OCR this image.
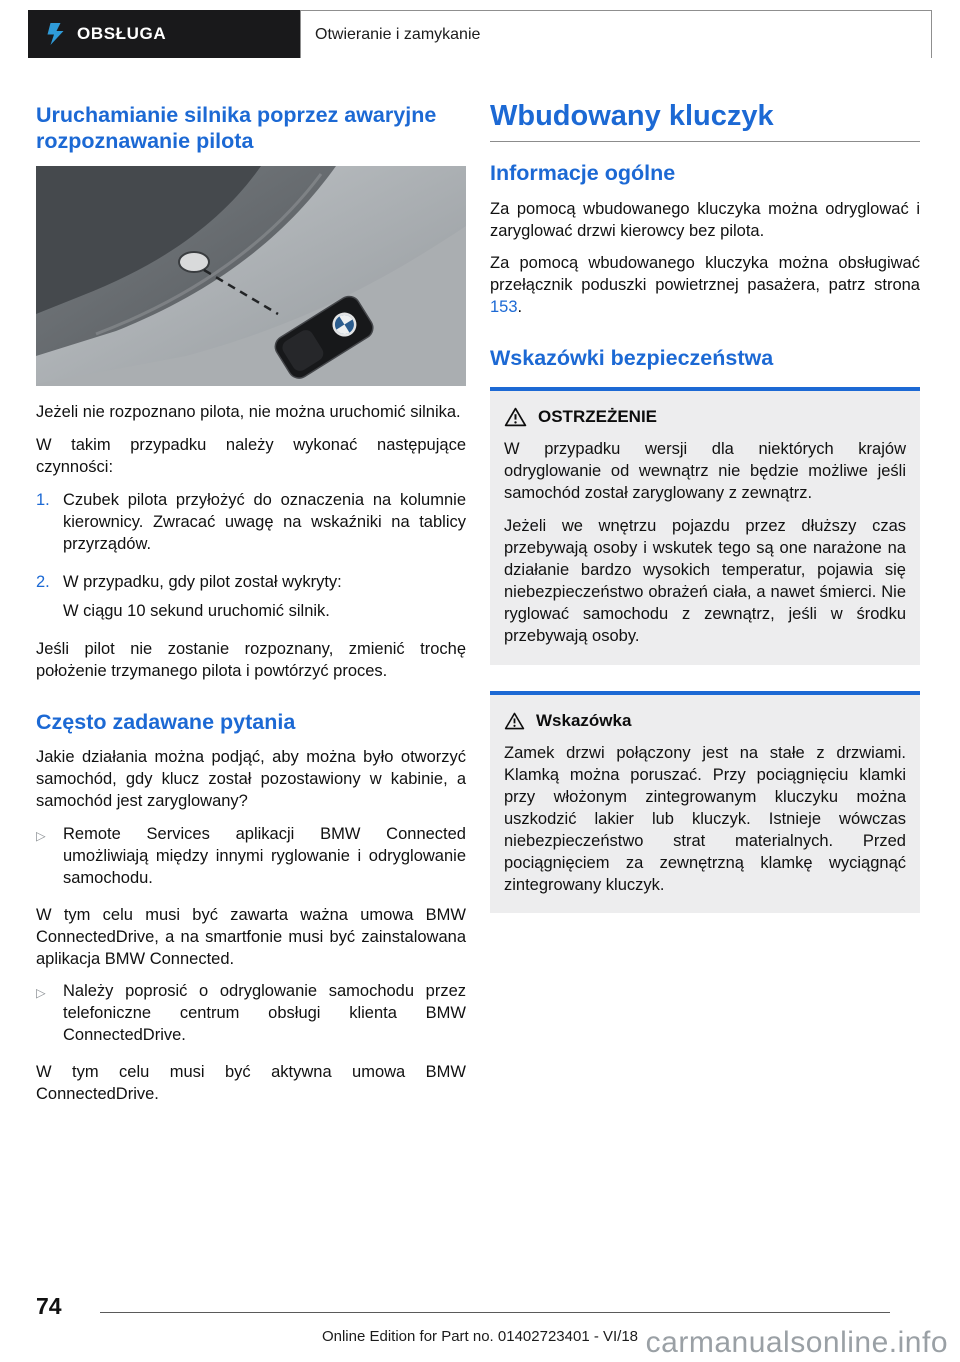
OBSŁUGA	Otwieranie i zamykanie
Uruchamianie silnika poprzez awaryjne rozpoznawanie pilota

Jeżeli nie rozpoznano pilota, nie można uruchomić silnika.

W takim przypadku należy wykonać następujące czynności:

1. Czubek pilota przyłożyć do oznaczenia na kolumnie kierownicy. Zwracać uwagę na wskaźniki na tablicy przyrządów.

2. W przypadku, gdy pilot został wykryty:

W ciągu 10 sekund uruchomić silnik.

Jeśli pilot nie zostanie rozpoznany, zmienić trochę położenie trzymanego pilota i powtórzyć proces.

Często zadawane pytania

Jakie działania można podjąć, aby można było otworzyć samochód, gdy klucz został pozostawiony w kabinie, a samochód jest zaryglowany?

▷	Remote Services aplikacji BMW Connected umożliwiają między innymi ryglowanie i odryglowanie samochodu.

W tym celu musi być zawarta ważna umowa BMW ConnectedDrive, a na smartfonie musi być zainstalowana aplikacja BMW Connected.

▷	Należy poprosić o odryglowanie samochodu przez telefoniczne centrum obsługi klienta BMW ConnectedDrive.

W tym celu musi być aktywna umowa BMW ConnectedDrive.

Wbudowany kluczyk
Informacje ogólne

Za pomocą wbudowanego kluczyka można odryglować i zaryglować drzwi kierowcy bez pilota.

Za pomocą wbudowanego kluczyka można obsługiwać przełącznik poduszki powietrznej pasażera, patrz strona 153.

Wskazówki bezpieczeństwa
OSTRZEŻENIE

W przypadku wersji dla niektórych krajów odryglowanie od wewnątrz nie będzie możliwe jeśli samochód został zaryglowany z zewnątrz.

Jeżeli we wnętrzu pojazdu przez dłuższy czas przebywają osoby i wskutek tego są one narażone na działanie bardzo wysokich temperatur, pojawia się niebezpieczeństwo obrażeń ciała, a nawet śmierci. Nie ryglować samochodu z zewnątrz, jeśli w środku przebywają osoby.

Wskazówka

Zamek drzwi połączony jest na stałe z drzwiami. Klamką można poruszać. Przy pociągnięciu klamki przy włożonym zintegrowanym kluczyku można uszkodzić lakier lub kluczyk. Istnieje wówczas niebezpieczeństwo strat materialnych. Przed pociągnięciem za zewnętrzną klamkę wyciągnąć zintegrowany kluczyk.

74
Online Edition for Part no. 01402723401 - VI/18 carmanualsonline.info
